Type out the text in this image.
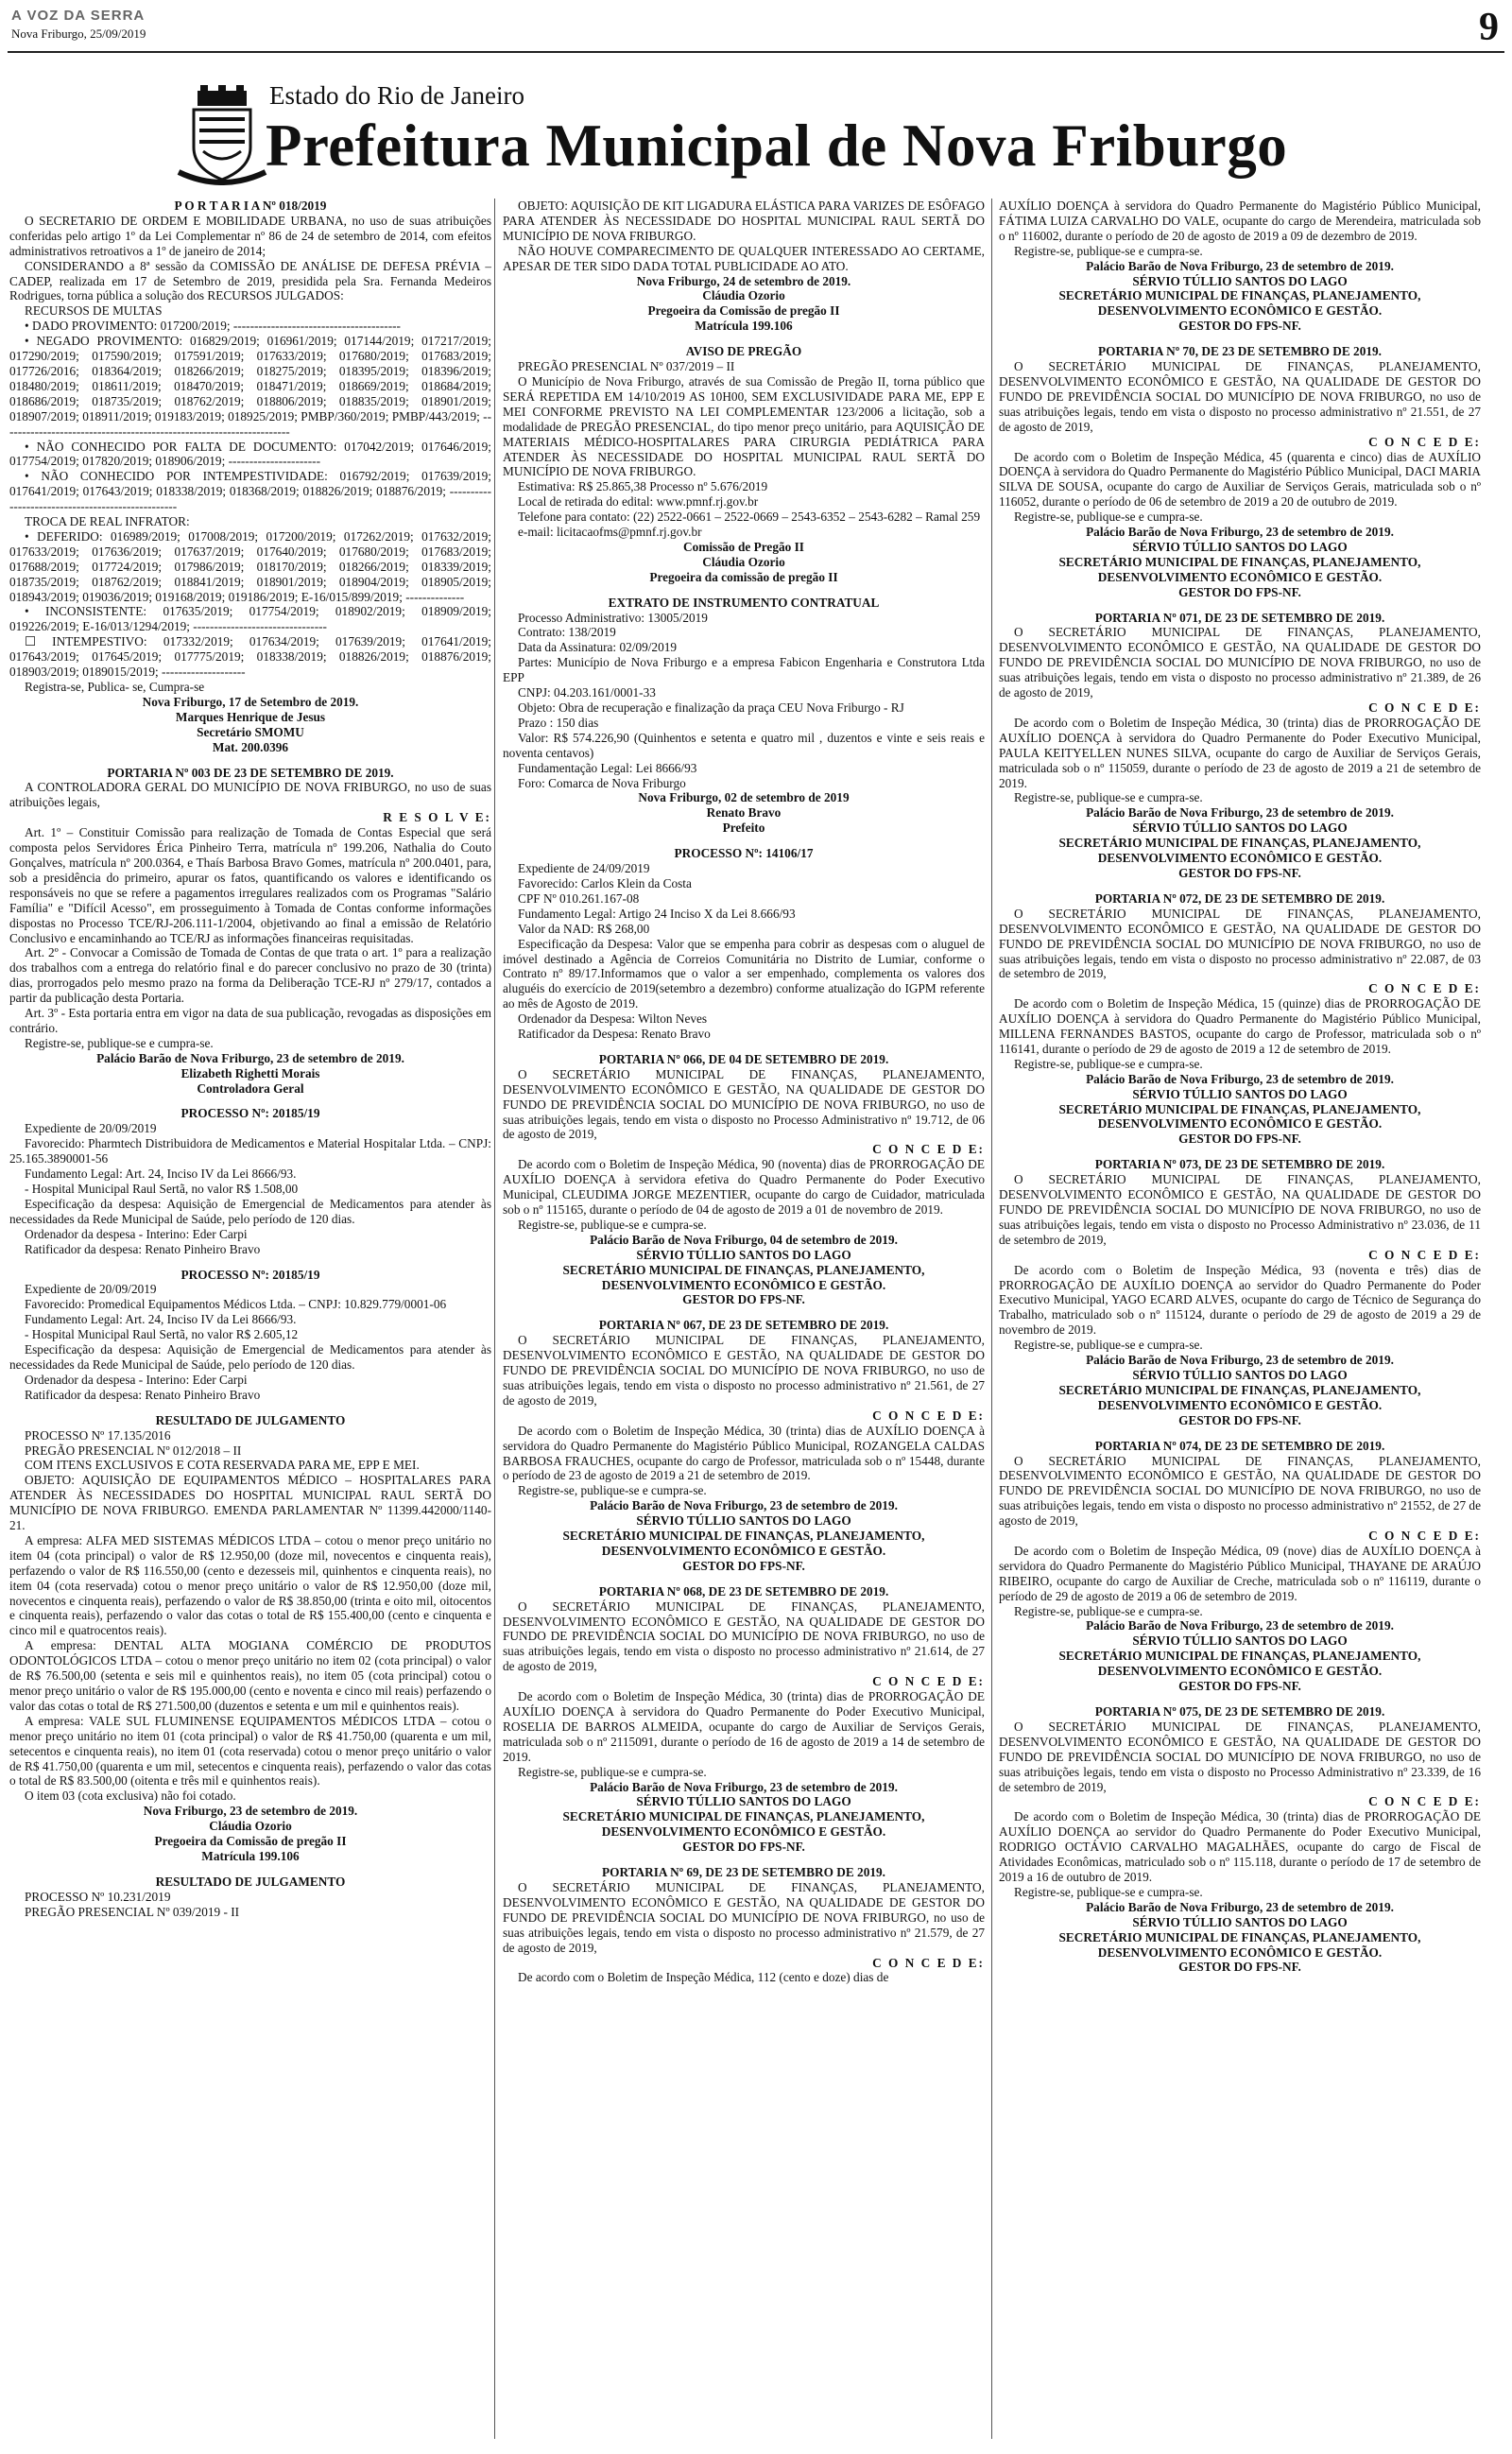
A VOZ DA SERRA
Nova Friburgo, 25/09/2019	9
Estado do Rio de Janeiro
Prefeitura Municipal de Nova Friburgo

P O R T A R I A Nº 018/2019

O SECRETARIO DE ORDEM E MOBILIDADE URBANA, no uso de suas atribuições conferidas pelo artigo 1º da Lei Complementar nº 86 de 24 de setembro de 2014, com efeitos administrativos retroativos a 1º de janeiro de 2014;

CONSIDERANDO a 8ª sessão da COMISSÃO DE ANÁLISE DE DEFESA PRÉVIA – CADEP, realizada em 17 de Setembro de 2019, presidida pela Sra. Fernanda Medeiros Rodrigues, torna pública a solução dos RECURSOS JULGADOS:

RECURSOS DE MULTAS

• DADO PROVIMENTO: 017200/2019; ----------------------------------------

• NEGADO PROVIMENTO: 016829/2019; 016961/2019; 017144/2019; 017217/2019; 017290/2019; 017590/2019; 017591/2019; 017633/2019; 017680/2019; 017683/2019; 017726/2016; 018364/2019; 018266/2019; 018275/2019; 018395/2019; 018396/2019; 018480/2019; 018611/2019; 018470/2019; 018471/2019; 018669/2019; 018684/2019; 018686/2019; 018735/2019; 018762/2019; 018806/2019; 018835/2019; 018901/2019; 018907/2019; 018911/2019; 019183/2019; 018925/2019; PMBP/360/2019; PMBP/443/2019; ---------------------------------------------------------------------

• NÃO CONHECIDO POR FALTA DE DOCUMENTO: 017042/2019; 017646/2019; 017754/2019; 017820/2019; 018906/2019; ----------------------

• NÃO CONHECIDO POR INTEMPESTIVIDADE: 016792/2019; 017639/2019; 017641/2019; 017643/2019; 018338/2019; 018368/2019; 018826/2019; 018876/2019; --------------------------------------------------

TROCA DE REAL INFRATOR:

• DEFERIDO: 016989/2019; 017008/2019; 017200/2019; 017262/2019; 017632/2019; 017633/2019; 017636/2019; 017637/2019; 017640/2019; 017680/2019; 017683/2019; 017688/2019; 017724/2019; 017986/2019; 018170/2019; 018266/2019; 018339/2019; 018735/2019; 018762/2019; 018841/2019; 018901/2019; 018904/2019; 018905/2019; 018943/2019; 019036/2019; 019168/2019; 019186/2019; E-16/015/899/2019; --------------

• INCONSISTENTE: 017635/2019; 017754/2019; 018902/2019; 018909/2019; 019226/2019; E-16/013/1294/2019; --------------------------------

☐ INTEMPESTIVO: 017332/2019; 017634/2019; 017639/2019; 017641/2019; 017643/2019; 017645/2019; 017775/2019; 018338/2019; 018826/2019; 018876/2019; 018903/2019; 0189015/2019; --------------------

Registra-se, Publica- se, Cumpra-se

Nova Friburgo, 17 de Setembro de 2019.

Marques Henrique de Jesus

Secretário SMOMU

Mat. 200.0396

PORTARIA Nº 003 DE 23 DE SETEMBRO DE 2019.

A CONTROLADORA GERAL DO MUNICÍPIO DE NOVA FRIBURGO, no uso de suas atribuições legais,

R E S O L V E:

Art. 1º – Constituir Comissão para realização de Tomada de Contas Especial que será composta pelos Servidores Érica Pinheiro Terra, matrícula nº 199.206, Nathalia do Couto Gonçalves, matrícula nº 200.0364, e Thaís Barbosa Bravo Gomes, matrícula nº 200.0401, para, sob a presidência do primeiro, apurar os fatos, quantificando os valores e identificando os responsáveis no que se refere a pagamentos irregulares realizados com os Programas "Salário Família" e "Difícil Acesso", em prosseguimento à Tomada de Contas conforme informações dispostas no Processo TCE/RJ-206.111-1/2004, objetivando ao final a emissão de Relatório Conclusivo e encaminhando ao TCE/RJ as informações financeiras requisitadas.

Art. 2º - Convocar a Comissão de Tomada de Contas de que trata o art. 1º para a realização dos trabalhos com a entrega do relatório final e do parecer conclusivo no prazo de 30 (trinta) dias, prorrogados pelo mesmo prazo na forma da Deliberação TCE-RJ nº 279/17, contados a partir da publicação desta Portaria.

Art. 3º - Esta portaria entra em vigor na data de sua publicação, revogadas as disposições em contrário.

Registre-se, publique-se e cumpra-se.

Palácio Barão de Nova Friburgo, 23 de setembro de 2019.

Elizabeth Righetti Morais

Controladora Geral

PROCESSO Nº: 20185/19

Expediente de 20/09/2019

Favorecido: Pharmtech Distribuidora de Medicamentos e Material Hospitalar Ltda. – CNPJ: 25.165.3890001-56

Fundamento Legal: Art. 24, Inciso IV da Lei 8666/93.

- Hospital Municipal Raul Sertã, no valor R$ 1.508,00

Especificação da despesa: Aquisição de Emergencial de Medicamentos para atender às necessidades da Rede Municipal de Saúde, pelo período de 120 dias.

Ordenador da despesa - Interino: Eder Carpi

Ratificador da despesa: Renato Pinheiro Bravo

PROCESSO Nº: 20185/19

Expediente de 20/09/2019

Favorecido: Promedical Equipamentos Médicos Ltda. – CNPJ: 10.829.779/0001-06

Fundamento Legal: Art. 24, Inciso IV da Lei 8666/93.

- Hospital Municipal Raul Sertã, no valor R$ 2.605,12

Especificação da despesa: Aquisição de Emergencial de Medicamentos para atender às necessidades da Rede Municipal de Saúde, pelo período de 120 dias.

Ordenador da despesa - Interino: Eder Carpi

Ratificador da despesa: Renato Pinheiro Bravo

RESULTADO DE JULGAMENTO

PROCESSO Nº 17.135/2016

PREGÃO PRESENCIAL Nº 012/2018 – II

COM ITENS EXCLUSIVOS E COTA RESERVADA PARA ME, EPP E MEI.

OBJETO: AQUISIÇÃO DE EQUIPAMENTOS MÉDICO – HOSPITALARES PARA ATENDER ÀS NECESSIDADES DO HOSPITAL MUNICIPAL RAUL SERTÃ DO MUNICÍPIO DE NOVA FRIBURGO. EMENDA PARLAMENTAR Nº 11399.442000/1140-21.

A empresa: ALFA MED SISTEMAS MÉDICOS LTDA – cotou o menor preço unitário no item 04 (cota principal) o valor de R$ 12.950,00 (doze mil, novecentos e cinquenta reais), perfazendo o valor de R$ 116.550,00 (cento e dezesseis mil, quinhentos e cinquenta reais), no item 04 (cota reservada) cotou o menor preço unitário o valor de R$ 12.950,00 (doze mil, novecentos e cinquenta reais), perfazendo o valor de R$ 38.850,00 (trinta e oito mil, oitocentos e cinquenta reais), perfazendo o valor das cotas o total de R$ 155.400,00 (cento e cinquenta e cinco mil e quatrocentos reais).

A empresa: DENTAL ALTA MOGIANA COMÉRCIO DE PRODUTOS ODONTOLÓGICOS LTDA – cotou o menor preço unitário no item 02 (cota principal) o valor de R$ 76.500,00 (setenta e seis mil e quinhentos reais), no item 05 (cota principal) cotou o menor preço unitário o valor de R$ 195.000,00 (cento e noventa e cinco mil reais) perfazendo o valor das cotas o total de R$ 271.500,00 (duzentos e setenta e um mil e quinhentos reais).

A empresa: VALE SUL FLUMINENSE EQUIPAMENTOS MÉDICOS LTDA – cotou o menor preço unitário no item 01 (cota principal) o valor de R$ 41.750,00 (quarenta e um mil, setecentos e cinquenta reais), no item 01 (cota reservada) cotou o menor preço unitário o valor de R$ 41.750,00 (quarenta e um mil, setecentos e cinquenta reais), perfazendo o valor das cotas o total de R$ 83.500,00 (oitenta e três mil e quinhentos reais).

O item 03 (cota exclusiva) não foi cotado.

Nova Friburgo, 23 de setembro de 2019.

Cláudia Ozorio

Pregoeira da Comissão de pregão II

Matrícula 199.106

RESULTADO DE JULGAMENTO

PROCESSO Nº 10.231/2019

PREGÃO PRESENCIAL Nº 039/2019 - II

OBJETO: AQUISIÇÃO DE KIT LIGADURA ELÁSTICA PARA VARIZES DE ESÔFAGO PARA ATENDER ÀS NECESSIDADE DO HOSPITAL MUNICIPAL RAUL SERTÃ DO MUNICÍPIO DE NOVA FRIBURGO.

NÃO HOUVE COMPARECIMENTO DE QUALQUER INTERESSADO AO CERTAME, APESAR DE TER SIDO DADA TOTAL PUBLICIDADE AO ATO.

Nova Friburgo, 24 de setembro de 2019.

Cláudia Ozorio

Pregoeira da Comissão de pregão II

Matrícula 199.106

AVISO DE PREGÃO

PREGÃO PRESENCIAL Nº 037/2019 – II

O Município de Nova Friburgo, através de sua Comissão de Pregão II, torna público que SERÁ REPETIDA EM 14/10/2019 AS 10H00, SEM EXCLUSIVIDADE PARA ME, EPP E MEI CONFORME PREVISTO NA LEI COMPLEMENTAR 123/2006 a licitação, sob a modalidade de PREGÃO PRESENCIAL, do tipo menor preço unitário, para AQUISIÇÃO DE MATERIAIS MÉDICO-HOSPITALARES PARA CIRURGIA PEDIÁTRICA PARA ATENDER ÀS NECESSIDADE DO HOSPITAL MUNICIPAL RAUL SERTÃ DO MUNICÍPIO DE NOVA FRIBURGO.

Estimativa: R$ 25.865,38 Processo nº 5.676/2019

Local de retirada do edital: www.pmnf.rj.gov.br

Telefone para contato: (22) 2522-0661 – 2522-0669 – 2543-6352 – 2543-6282 – Ramal 259

e-mail: licitacaofms@pmnf.rj.gov.br

Comissão de Pregão II

Cláudia Ozorio

Pregoeira da comissão de pregão II

EXTRATO DE INSTRUMENTO CONTRATUAL

Processo Administrativo: 13005/2019

Contrato: 138/2019

Data da Assinatura: 02/09/2019

Partes: Município de Nova Friburgo e a empresa Fabicon Engenharia e Construtora Ltda EPP

CNPJ: 04.203.161/0001-33

Objeto: Obra de recuperação e finalização da praça CEU Nova Friburgo - RJ

Prazo : 150 dias

Valor: R$ 574.226,90 (Quinhentos e setenta e quatro mil , duzentos e vinte e seis reais e noventa centavos)

Fundamentação Legal: Lei 8666/93

Foro: Comarca de Nova Friburgo

Nova Friburgo, 02 de setembro de 2019

Renato Bravo

Prefeito

PROCESSO Nº: 14106/17

Expediente de 24/09/2019

Favorecido: Carlos Klein da Costa

CPF Nº 010.261.167-08

Fundamento Legal: Artigo 24 Inciso X da Lei 8.666/93

Valor da NAD: R$ 268,00

Especificação da Despesa: Valor que se empenha para cobrir as despesas com o aluguel de imóvel destinado a Agência de Correios Comunitária no Distrito de Lumiar, conforme o Contrato nº 89/17.Informamos que o valor a ser empenhado, complementa os valores dos aluguéis do exercício de 2019(setembro a dezembro) conforme atualização do IGPM referente ao mês de Agosto de 2019.

Ordenador da Despesa: Wilton Neves

Ratificador da Despesa: Renato Bravo

PORTARIA Nº 066, DE 04 DE SETEMBRO DE 2019.

O SECRETÁRIO MUNICIPAL DE FINANÇAS, PLANEJAMENTO, DESENVOLVIMENTO ECONÔMICO E GESTÃO, NA QUALIDADE DE GESTOR DO FUNDO DE PREVIDÊNCIA SOCIAL DO MUNICÍPIO DE NOVA FRIBURGO, no uso de suas atribuições legais, tendo em vista o disposto no Processo Administrativo nº 19.712, de 06 de agosto de 2019,

C O N C E D E:

De acordo com o Boletim de Inspeção Médica, 90 (noventa) dias de PRORROGAÇÃO DE AUXÍLIO DOENÇA à servidora efetiva do Quadro Permanente do Poder Executivo Municipal, CLEUDIMA JORGE MEZENTIER, ocupante do cargo de Cuidador, matriculada sob o nº 115165, durante o período de 04 de agosto de 2019 a 01 de novembro de 2019.

Registre-se, publique-se e cumpra-se.

Palácio Barão de Nova Friburgo, 04 de setembro de 2019.

SÉRVIO TÚLLIO SANTOS DO LAGO

SECRETÁRIO MUNICIPAL DE FINANÇAS, PLANEJAMENTO, DESENVOLVIMENTO ECONÔMICO E GESTÃO.

GESTOR DO FPS-NF.

PORTARIA Nº 067, DE 23 DE SETEMBRO DE 2019.

O SECRETÁRIO MUNICIPAL DE FINANÇAS, PLANEJAMENTO, DESENVOLVIMENTO ECONÔMICO E GESTÃO, NA QUALIDADE DE GESTOR DO FUNDO DE PREVIDÊNCIA SOCIAL DO MUNICÍPIO DE NOVA FRIBURGO, no uso de suas atribuições legais, tendo em vista o disposto no processo administrativo nº 21.561, de 27 de agosto de 2019,

C O N C E D E:

De acordo com o Boletim de Inspeção Médica, 30 (trinta) dias de AUXÍLIO DOENÇA à servidora do Quadro Permanente do Magistério Público Municipal, ROZANGELA CALDAS BARBOSA FRAUCHES, ocupante do cargo de Professor, matriculada sob o nº 15448, durante o período de 23 de agosto de 2019 a 21 de setembro de 2019.

Registre-se, publique-se e cumpra-se.

Palácio Barão de Nova Friburgo, 23 de setembro de 2019.

SÉRVIO TÚLLIO SANTOS DO LAGO

SECRETÁRIO MUNICIPAL DE FINANÇAS, PLANEJAMENTO, DESENVOLVIMENTO ECONÔMICO E GESTÃO.

GESTOR DO FPS-NF.

PORTARIA Nº 068, DE 23 DE SETEMBRO DE 2019.

O SECRETÁRIO MUNICIPAL DE FINANÇAS, PLANEJAMENTO, DESENVOLVIMENTO ECONÔMICO E GESTÃO, NA QUALIDADE DE GESTOR DO FUNDO DE PREVIDÊNCIA SOCIAL DO MUNICÍPIO DE NOVA FRIBURGO, no uso de suas atribuições legais, tendo em vista o disposto no processo administrativo nº 21.614, de 27 de agosto de 2019,

C O N C E D E:

De acordo com o Boletim de Inspeção Médica, 30 (trinta) dias de PRORROGAÇÃO DE AUXÍLIO DOENÇA à servidora do Quadro Permanente do Poder Executivo Municipal, ROSELIA DE BARROS ALMEIDA, ocupante do cargo de Auxiliar de Serviços Gerais, matriculada sob o nº 2115091, durante o período de 16 de agosto de 2019 a 14 de setembro de 2019.

Registre-se, publique-se e cumpra-se.

Palácio Barão de Nova Friburgo, 23 de setembro de 2019.

SÉRVIO TÚLLIO SANTOS DO LAGO

SECRETÁRIO MUNICIPAL DE FINANÇAS, PLANEJAMENTO, DESENVOLVIMENTO ECONÔMICO E GESTÃO.

GESTOR DO FPS-NF.

PORTARIA Nº 69, DE 23 DE SETEMBRO DE 2019.

O SECRETÁRIO MUNICIPAL DE FINANÇAS, PLANEJAMENTO, DESENVOLVIMENTO ECONÔMICO E GESTÃO, NA QUALIDADE DE GESTOR DO FUNDO DE PREVIDÊNCIA SOCIAL DO MUNICÍPIO DE NOVA FRIBURGO, no uso de suas atribuições legais, tendo em vista o disposto no processo administrativo nº 21.579, de 27 de agosto de 2019,

C O N C E D E:

De acordo com o Boletim de Inspeção Médica, 112 (cento e doze) dias de

AUXÍLIO DOENÇA à servidora do Quadro Permanente do Magistério Público Municipal, FÁTIMA LUIZA CARVALHO DO VALE, ocupante do cargo de Merendeira, matriculada sob o nº 116002, durante o período de 20 de agosto de 2019 a 09 de dezembro de 2019.

Registre-se, publique-se e cumpra-se.

Palácio Barão de Nova Friburgo, 23 de setembro de 2019.

SÉRVIO TÚLLIO SANTOS DO LAGO

SECRETÁRIO MUNICIPAL DE FINANÇAS, PLANEJAMENTO, DESENVOLVIMENTO ECONÔMICO E GESTÃO.

GESTOR DO FPS-NF.

PORTARIA Nº 70, DE 23 DE SETEMBRO DE 2019.

O SECRETÁRIO MUNICIPAL DE FINANÇAS, PLANEJAMENTO, DESENVOLVIMENTO ECONÔMICO E GESTÃO, NA QUALIDADE DE GESTOR DO FUNDO DE PREVIDÊNCIA SOCIAL DO MUNICÍPIO DE NOVA FRIBURGO, no uso de suas atribuições legais, tendo em vista o disposto no processo administrativo nº 21.551, de 27 de agosto de 2019,

C O N C E D E:

De acordo com o Boletim de Inspeção Médica, 45 (quarenta e cinco) dias de AUXÍLIO DOENÇA à servidora do Quadro Permanente do Magistério Público Municipal, DACI MARIA SILVA DE SOUSA, ocupante do cargo de Auxiliar de Serviços Gerais, matriculada sob o nº 116052, durante o período de 06 de setembro de 2019 a 20 de outubro de 2019.

Registre-se, publique-se e cumpra-se.

Palácio Barão de Nova Friburgo, 23 de setembro de 2019.

SÉRVIO TÚLLIO SANTOS DO LAGO

SECRETÁRIO MUNICIPAL DE FINANÇAS, PLANEJAMENTO, DESENVOLVIMENTO ECONÔMICO E GESTÃO.

GESTOR DO FPS-NF.

PORTARIA Nº 071, DE 23 DE SETEMBRO DE 2019.

O SECRETÁRIO MUNICIPAL DE FINANÇAS, PLANEJAMENTO, DESENVOLVIMENTO ECONÔMICO E GESTÃO, NA QUALIDADE DE GESTOR DO FUNDO DE PREVIDÊNCIA SOCIAL DO MUNICÍPIO DE NOVA FRIBURGO, no uso de suas atribuições legais, tendo em vista o disposto no processo administrativo nº 21.389, de 26 de agosto de 2019,

C O N C E D E:

De acordo com o Boletim de Inspeção Médica, 30 (trinta) dias de PRORROGAÇÃO DE AUXÍLIO DOENÇA à servidora do Quadro Permanente do Poder Executivo Municipal, PAULA KEITYELLEN NUNES SILVA, ocupante do cargo de Auxiliar de Serviços Gerais, matriculada sob o nº 115059, durante o período de 23 de agosto de 2019 a 21 de setembro de 2019.

Registre-se, publique-se e cumpra-se.

Palácio Barão de Nova Friburgo, 23 de setembro de 2019.

SÉRVIO TÚLLIO SANTOS DO LAGO

SECRETÁRIO MUNICIPAL DE FINANÇAS, PLANEJAMENTO, DESENVOLVIMENTO ECONÔMICO E GESTÃO.

GESTOR DO FPS-NF.

PORTARIA Nº 072, DE 23 DE SETEMBRO DE 2019.

O SECRETÁRIO MUNICIPAL DE FINANÇAS, PLANEJAMENTO, DESENVOLVIMENTO ECONÔMICO E GESTÃO, NA QUALIDADE DE GESTOR DO FUNDO DE PREVIDÊNCIA SOCIAL DO MUNICÍPIO DE NOVA FRIBURGO, no uso de suas atribuições legais, tendo em vista o disposto no processo administrativo nº 22.087, de 03 de setembro de 2019,

C O N C E D E:

De acordo com o Boletim de Inspeção Médica, 15 (quinze) dias de PRORROGAÇÃO DE AUXÍLIO DOENÇA à servidora do Quadro Permanente do Magistério Público Municipal, MILLENA FERNANDES BASTOS, ocupante do cargo de Professor, matriculada sob o nº 116141, durante o período de 29 de agosto de 2019 a 12 de setembro de 2019.

Registre-se, publique-se e cumpra-se.

Palácio Barão de Nova Friburgo, 23 de setembro de 2019.

SÉRVIO TÚLLIO SANTOS DO LAGO

SECRETÁRIO MUNICIPAL DE FINANÇAS, PLANEJAMENTO, DESENVOLVIMENTO ECONÔMICO E GESTÃO.

GESTOR DO FPS-NF.

PORTARIA Nº 073, DE 23 DE SETEMBRO DE 2019.

O SECRETÁRIO MUNICIPAL DE FINANÇAS, PLANEJAMENTO, DESENVOLVIMENTO ECONÔMICO E GESTÃO, NA QUALIDADE DE GESTOR DO FUNDO DE PREVIDÊNCIA SOCIAL DO MUNICÍPIO DE NOVA FRIBURGO, no uso de suas atribuições legais, tendo em vista o disposto no Processo Administrativo nº 23.036, de 11 de setembro de 2019,

C O N C E D E:

De acordo com o Boletim de Inspeção Médica, 93 (noventa e três) dias de PRORROGAÇÃO DE AUXÍLIO DOENÇA ao servidor do Quadro Permanente do Poder Executivo Municipal, YAGO ECARD ALVES, ocupante do cargo de Técnico de Segurança do Trabalho, matriculado sob o nº 115124, durante o período de 29 de agosto de 2019 a 29 de novembro de 2019.

Registre-se, publique-se e cumpra-se.

Palácio Barão de Nova Friburgo, 23 de setembro de 2019.

SÉRVIO TÚLLIO SANTOS DO LAGO

SECRETÁRIO MUNICIPAL DE FINANÇAS, PLANEJAMENTO, DESENVOLVIMENTO ECONÔMICO E GESTÃO.

GESTOR DO FPS-NF.

PORTARIA Nº 074, DE 23 DE SETEMBRO DE 2019.

O SECRETÁRIO MUNICIPAL DE FINANÇAS, PLANEJAMENTO, DESENVOLVIMENTO ECONÔMICO E GESTÃO, NA QUALIDADE DE GESTOR DO FUNDO DE PREVIDÊNCIA SOCIAL DO MUNICÍPIO DE NOVA FRIBURGO, no uso de suas atribuições legais, tendo em vista o disposto no processo administrativo nº 21552, de 27 de agosto de 2019,

C O N C E D E:

De acordo com o Boletim de Inspeção Médica, 09 (nove) dias de AUXÍLIO DOENÇA à servidora do Quadro Permanente do Magistério Público Municipal, THAYANE DE ARAÚJO RIBEIRO, ocupante do cargo de Auxiliar de Creche, matriculada sob o nº 116119, durante o período de 29 de agosto de 2019 a 06 de setembro de 2019.

Registre-se, publique-se e cumpra-se.

Palácio Barão de Nova Friburgo, 23 de setembro de 2019.

SÉRVIO TÚLLIO SANTOS DO LAGO

SECRETÁRIO MUNICIPAL DE FINANÇAS, PLANEJAMENTO, DESENVOLVIMENTO ECONÔMICO E GESTÃO.

GESTOR DO FPS-NF.

PORTARIA Nº 075, DE 23 DE SETEMBRO DE 2019.

O SECRETÁRIO MUNICIPAL DE FINANÇAS, PLANEJAMENTO, DESENVOLVIMENTO ECONÔMICO E GESTÃO, NA QUALIDADE DE GESTOR DO FUNDO DE PREVIDÊNCIA SOCIAL DO MUNICÍPIO DE NOVA FRIBURGO, no uso de suas atribuições legais, tendo em vista o disposto no Processo Administrativo nº 23.339, de 16 de setembro de 2019,

C O N C E D E:

De acordo com o Boletim de Inspeção Médica, 30 (trinta) dias de PRORROGAÇÃO DE AUXÍLIO DOENÇA ao servidor do Quadro Permanente do Poder Executivo Municipal, RODRIGO OCTÁVIO CARVALHO MAGALHÃES, ocupante do cargo de Fiscal de Atividades Econômicas, matriculado sob o nº 115.118, durante o período de 17 de setembro de 2019 a 16 de outubro de 2019.

Registre-se, publique-se e cumpra-se.

Palácio Barão de Nova Friburgo, 23 de setembro de 2019.

SÉRVIO TÚLLIO SANTOS DO LAGO

SECRETÁRIO MUNICIPAL DE FINANÇAS, PLANEJAMENTO, DESENVOLVIMENTO ECONÔMICO E GESTÃO.

GESTOR DO FPS-NF.
